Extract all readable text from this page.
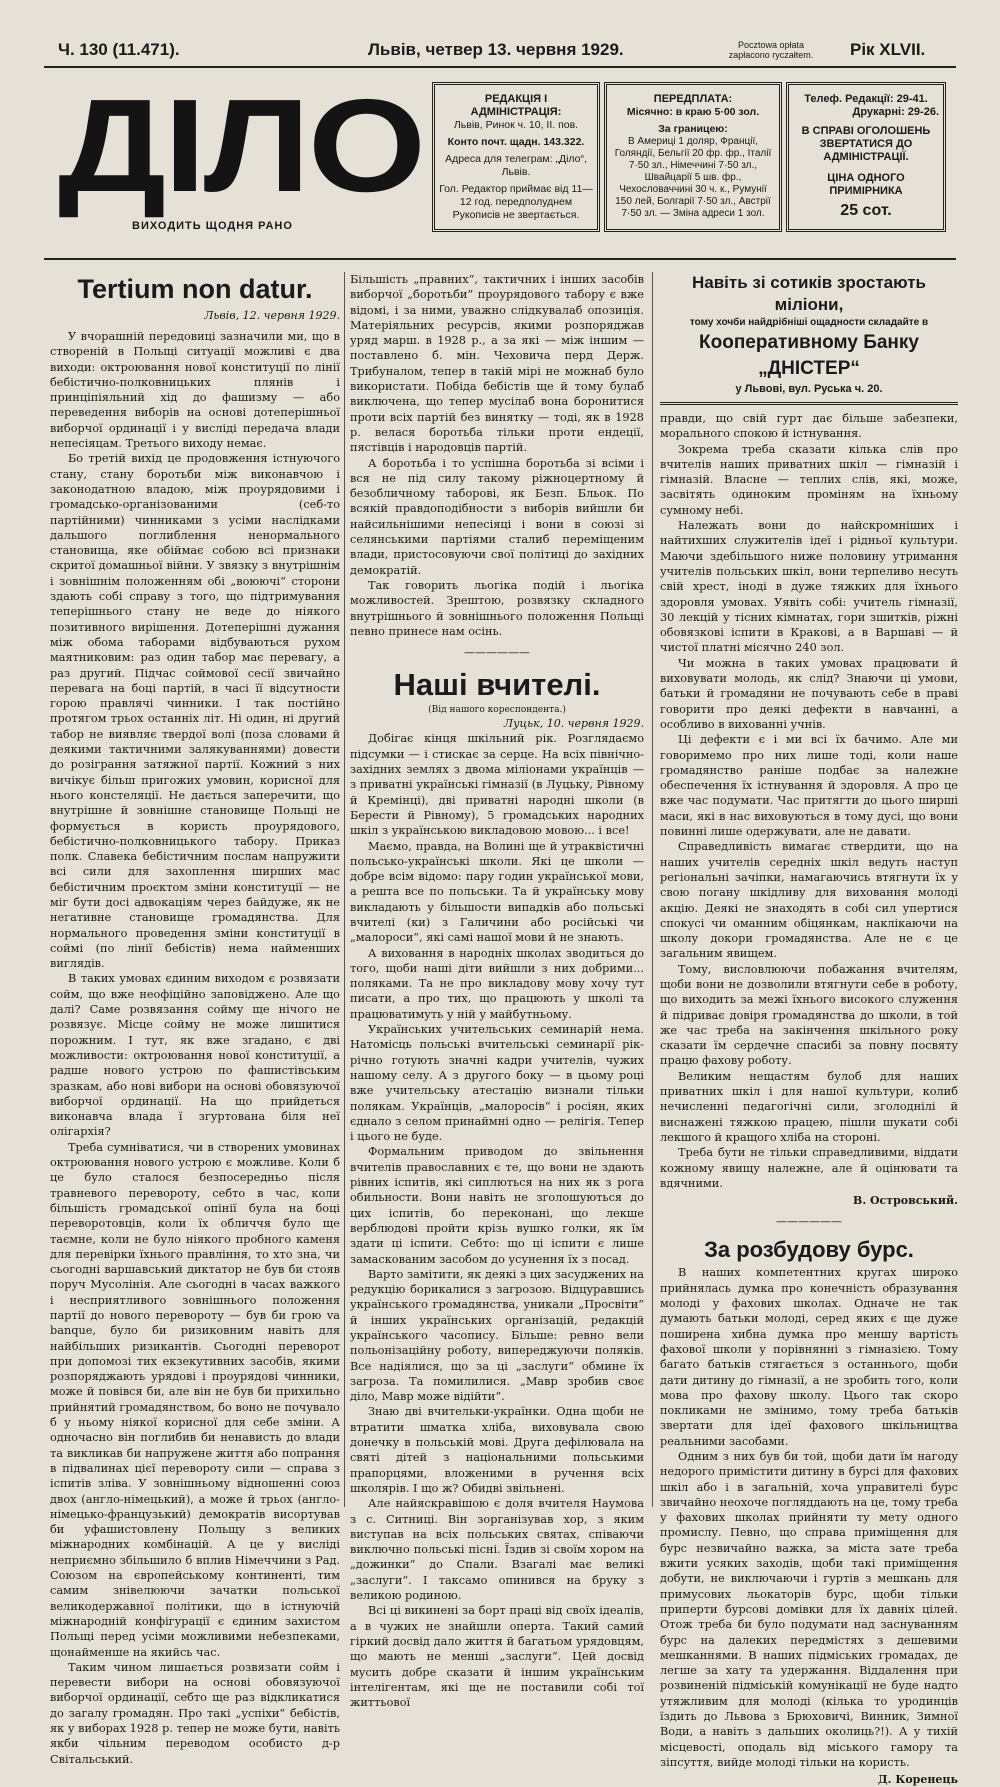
Ч. 130 (11.471).	Львів, четвер 13. червня 1929.	Pocztowa opłata
zapłacono ryczałtem.	Рік XLVII.
ДІЛО
ВИХОДИТЬ ЩОДНЯ РАНО
РЕДАКЦІЯ І АДМІНІСТРАЦІЯ:
Львів, Ринок ч. 10, II. пов.
Конто почт. щадн. 143.322.
Адреса для телеграм: „Діло“, Львів.
Гол. Редактор приймає від 11—12 год. передполуднем
Рукописів не звертається.
ПЕРЕДПЛАТА:
Місячно: в краю 5·00 зол.
За границею:
В Америці 1 доляр, Франції, Голяндії, Бельгії 20 фр. фр., Італії 7·50 зл., Німеччині 7·50 зл., Швайцарії 5 шв. фр., Чехословаччині 30 ч. к., Румунії 150 лей, Болгарії 7·50 зл., Австрії 7·50 зл. — Зміна адреси 1 зол.
Телеф. Редакції: 29-41.
Друкарні: 29-26.
В СПРАВІ ОГОЛОШЕНЬ ЗВЕРТАТИСЯ ДО АДМІНІСТРАЦІЇ.
ЦІНА ОДНОГО ПРИМІРНИКА
25 сот.
Tertium non datur.
Львів, 12. червня 1929.

У вчорашній передовиці зазначили ми, що в створеній в Польщі ситуації можливі є два виходи: октроювання нової конституції по лінії бебістично-полковницьких плянів і принціпіяльний хід до фашизму — або переведення виборів на основі дотеперішньої виборчої ординації і у висліді передача влади непесіяцам. Третього виходу немає.

Бо третій вихід це продовження істнуючого стану, стану боротьби між виконавчою і законодатною владою, між проурядовими і громадсько-організованими (себ-то партійними) чинниками з усіми наслідками дальшого поглиблення ненормального становища, яке обіймає собою всі признаки скритої домашньої війни. У звязку з внутрішнім і зовнішнім положенням обі „воюючі“ сторони здають собі справу з того, що підтримування теперішнього стану не веде до ніякого позитивного вирішення. Дотеперішні дужання між обома таборами відбуваються рухом маятниковим: раз один табор має перевагу, а раз другий. Підчас соймової сесії звичайно перевага на боці партій, в часі її відсутности горою правлячі чинники. І так постійно протягом трьох останніх літ. Ні один, ні другий табор не виявляє твердої волі (поза словами й деякими тактичними залякуваннями) довести до розіграння затяжної партії. Кожний з них вичікує більш пригожих умовин, корисної для нього констеляції. Не дається заперечити, що внутрішне й зовнішне становище Польщі не формується в користь проурядового, бебістично-полковницького табору. Приказ полк. Славека бебістичним послам напружити всі сили для захоплення ширших мас бебістичним проєктом зміни конституції — не міг бути досі адвокаціям через байдуже, як не негативне становище громадянства. Для нормального проведення зміни конституції в соймі (по лінії бебістів) нема найменших виглядів.

В таких умовах єдиним виходом є розвязати сойм, що вже неофіційно заповіджено. Але що далі? Саме розвязання сойму ще нічого не розвязує. Місце сойму не може лишитися порожним. І тут, як вже згадано, є дві можливости: октроювання нової конституції, а радше нового устрою по фашистівським зразкам, або нові вибори на основі обовязуючої виборчої ординації. На що прийдеться виконавча влада ї згуртована біля неї олігархія?

Треба сумніватися, чи в створених умовинах октроювання нового устрою є можливе. Коли б це було сталося безпосередньо після травневого перевороту, себто в час, коли більшість громадської опінії була на боці переворотовців, коли їх обличчя було ще таємне, коли не було ніякого пробного каменя для перевірки їхнього правління, то хто зна, чи сьогодні варшавський диктатор не був би стояв поруч Мусолінія. Але сьогодні в часах важкого і несприятливого зовнішнього положення партії до нового перевороту — був би грою va banque, було би ризиковним навіть для найбільших ризикантів. Сьогодні переворот при допомозі тих екзекутивних засобів, якими розпоряджають урядові і проурядові чинники, може й повівся би, але він не був би прихильно прийнятий громадянством, бо воно не почувало б у ньому ніякої корисної для себе зміни. А одночасно він поглибив би ненависть до влади та викликав би напружене життя або попрання в підвалинах цієї перевороту сили — справа з іспитів зліва. У зовнішньому відношенні союз двох (англо-німецький), а може й трьох (англо-німецько-французький) демократів висортував би уфашистовлену Польщу з великих міжнародних комбінацій. А це у висліді неприємно збільшило б вплив Німеччини з Рад. Союзом на європейському континенті, тим самим знівелюючи зачатки польської великодержавної політики, що в істнуючій міжнародній конфігурації є єдиним захистом Польщі перед усіми можливими небезпеками, щонайменше на якийсь час.

Таким чином лишається розвязати сойм і перевести вибори на основі обовязуючої виборчої ординації, себто ще раз відкликатися до загалу громадян. Про такі „успіхи“ бебістів, як у виборах 1928 р. тепер не може бути, навіть якби чільним переводом особисто д-р Світальський.

Більшість „правних“, тактичних і інших засобів виборчої „боротьби“ проурядового табору є вже відомі, і за ними, уважно слідкувалаб опозиція. Матеріяльних ресурсів, якими розпоряджав уряд марш. в 1928 р., а за які — між іншим — поставлено б. мін. Чеховича перд Держ. Трибуналом, тепер в такій мірі не можнаб було використати. Побіда бебістів ще й тому булаб виключена, що тепер мусілаб вона боронитися проти всіх партій без винятку — тоді, як в 1928 р. велася боротьба тільки проти ендеції, пястівців і народовців партій.

А боротьба і то успішна боротьба зі всіми і вся не під силу такому ріжноцертному й безобличному таборові, як Безп. Бльок. По всякій правдоподібности з виборів вийшли би найсильнішими непесіяці і вони в союзі зі селянськими партіями сталиб переміщеним влади, пристосовуючи свої політиці до західних демократій.

Так говорить льогіка подій і льогіка можливостей. Зрештою, розвязку складного внутрішнього й зовнішнього положення Польщі певно принесе нам осінь.

——————
Наші вчителі.
(Від нашого кореспондента.)
Луцьк, 10. червня 1929.

Добігає кінця шкільний рік. Розглядаємо підсумки — і стискає за серце. На всіх північно-західних землях з двома міліонами українців — з приватні українські гімназії (в Луцьку, Рівному й Кремінці), дві приватні народні школи (в Берести й Рівному), 5 громадських народних шкіл з українською викладовою мовою... і все!

Маємо, правда, на Волині ще й утраквістичні польсько-українські школи. Які це школи — добре всім відомо: пару годин української мови, а решта все по польськи. Та й українську мову викладають у більшости випадків або польські вчителі (ки) з Галичини або російські чи „малороси“, які самі нашої мови й не знають.

А виховання в народніх школах зводиться до того, щоби наші діти вийшли з них добрими... поляками. Та не про викладову мову хочу тут писати, а про тих, що працюють у школі та працюватимуть у ній у майбутньому.

Українських учительських семинарій нема. Натомісць польські вчительські семинарії рік-річно готують значні кадри учителів, чужих нашому селу. А з другого боку — в цьому році вже учительську атестацію визнали тільки полякам. Українців, „малоросів“ і росіян, яких єднало з селом принаймні одно — релігія. Тепер і цього не буде.

Формальним приводом до звільнення вчителів православних є те, що вони не здають рівних іспитів, які сиплються на них як з рога обильности. Вони навіть не зголошуються до цих іспитів, бо переконані, що лекше верблюдові пройти крізь вушко голки, як їм здати ці іспити. Себто: що ці іспити є лише замаскованим засобом до усунення їх з посад.

Варто замітити, як деякі з цих засуджених на редукцію борикалися з загрозою. Відцуравшись українського громадянства, уникали „Просвіти“ й інших українських організацій, редакцій українського часопису. Більше: ревно вели польонізаційну роботу, випереджуючи поляків. Все надіялися, що за ці „заслуги“ обмине їх загроза. Та помилилися. „Мавр зробив своє діло, Мавр може відійти“.

Знаю дві вчительки-українки. Одна щоби не втратити шматка хліба, виховувала свою донечку в польській мові. Друга дефілювала на святі дітей з національними польськими прапорцями, вложеними в ручення всіх школярів. І що ж? Обидві звільнені.

Але найяскравішою є доля вчителя Наумова з с. Ситниці. Він зорганізував хор, з яким виступав на всіх польських святах, співаючи виключно польські пісні. Їздив зі своїм хором на „дожинки“ до Спали. Взагалі має великі „заслуги“. І таксамо опинився на бруку з великою родиною.

Всі ці викинені за борт праці від своїх ідеалів, а в чужих не знайшли оперта. Такий самий гіркий досвід дало життя й багатьом урядовцям, що мають не менші „заслуги“. Цей досвід мусить добре сказати й іншим українським інтелігентам, які ще не поставили собі тої життьової

Навіть зі сотиків зростають міліони,
тому хочби найдрібніші ощадности складайте в
Кооперативному Банку „ДНІСТЕР“
у Львові, вул. Руська ч. 20.

правди, що свій гурт дає більше забезпеки, морального спокою й істнування.

Зокрема треба сказати кілька слів про вчителів наших приватних шкіл — гімназій і гімназій. Власне — теплих слів, які, може, засвітять одиноким проміням на їхньому сумному небі.

Належать вони до найскромніших і найтихших служителів ідеї і рідньої культури. Маючи здебільшого ниже половину утримання учителів польських шкіл, вони терпеливо несуть свій хрест, іноді в дуже тяжких для їхнього здоровля умовах. Уявіть собі: учитель гімназії, 30 лекцій у тісних кімнатах, гори зшитків, ріжні обовязкові іспити в Кракові, а в Варшаві — й чистої платні місячно 240 зол.

Чи можна в таких умовах працювати й виховувати молодь, як слід? Знаючи ці умови, батьки й громадяни не почувають себе в праві говорити про деякі дефекти в навчанні, а особливо в вихованні учнів.

Ці дефекти є і ми всі їх бачимо. Але ми говоримемо про них лише тоді, коли наше громадянство раніше подбає за належне обеспечення їх істнування й здоровля. А про це вже час подумати. Час притягти до цього ширші маси, які в нас виховуються в тому дусі, що вони повинні лише одержувати, але не давати.

Справедливість вимагає ствердити, що на наших учителів середніх шкіл ведуть наступ регіональні зачіпки, намагаючись втягнути їх у свою погану шкідливу для виховання молоді акцію. Деякі не знаходять в собі сил упертися спокусі чи оманним обіцянкам, наклікаючи на школу докори громадянства. Але не є це загальним явищем.

Тому, висловлюючи побажання вчителям, щоби вони не дозволили втягнути себе в роботу, що виходить за межі їхнього високого служення й підриває довіря громадянства до школи, в той же час треба на закінчення шкільного року сказати їм сердечне спасибі за повну посвяту працю фахову роботу.

Великим нещастям булоб для наших приватних шкіл і для нашої культури, колиб нечисленні педагогічні сили, зголоднілі й виснажені тяжкою працею, пішли шукати собі лекшого й кращого хліба на стороні.

Треба бути не тільки справедливими, віддати кожному явищу належне, але й оцінювати та вдячними.

В. Островський.
——————
За розбудову бурс.

В наших компетентних кругах широко прийнялась думка про конечність образування молоді у фахових школах. Одначе не так думають батьки молоді, серед яких є ще дуже поширена хибна думка про меншу вартість фахової школи у порівнянні з гімназією. Тому багато батьків стягається з останнього, щоби дати дитину до гімназії, а не зробить того, коли мова про фахову школу. Цього так скоро покликами не змінимо, тому треба батьків звертати для ідеї фахового шкільництва реальними засобами.

Одним з них був би той, щоби дати їм нагоду недорого примістити дитину в бурсі для фахових шкіл або і в загальній, хоча управителі бурс звичайно неохоче погляддають на це, тому треба у фахових школах прийняти ту мету одного промислу. Певно, що справа приміщення для бурс незвичайно важка, за міста зате треба вжити усяких заходів, щоби такі приміщення добути, не виключаючи і гуртів з мешкань для примусових льокаторів бурс, щоби тільки приперти бурсові домівки для їх давніх цілей. Отож треба би було подумати над заснуванням бурс на далеких передмістях з дешевими мешканнями. В наших підміських громадах, де легше за хату та удержання. Віддалення при розвиненій підміській комунікації не буде надто утяжливим для молоді (кілька то уродинців їздить до Львова з Брюховичі, Винник, Зимної Води, а навіть з дальших околиць?!). А у тихій місцевості, оподаль від міського гамору та зіпсуття, вийде молоді тільки на користь.

Д. Коренець
